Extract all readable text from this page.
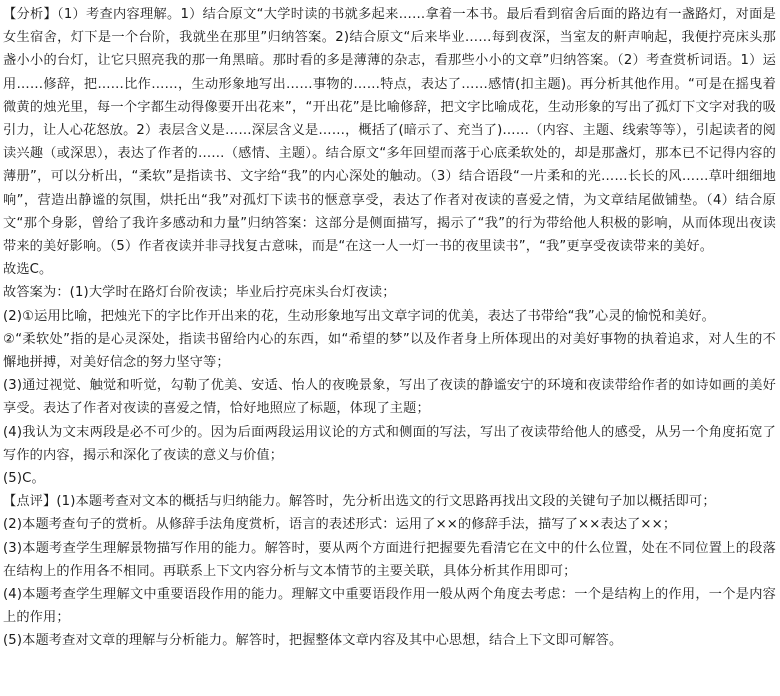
【分析】（1）考查内容理解。1）结合原文“大学时读的书就多起来……拿着一本书。最后看到宿舍后面的路边有一盏路灯，对面是女生宿舍，灯下是一个台阶，我就坐在那里”归纳答案。2)结合原文“后来毕业……每到夜深，当室友的鼾声响起，我便拧亮床头那盏小小的台灯，让它只照亮我的那一角黑暗。那时看的多是薄薄的杂志，看那些小小的文章”归纳答案。（2）考查赏析词语。1）运用……修辞，把……比作……，生动形象地写出……事物的……特点，表达了……感情(扣主题)。再分析其他作用。“可是在摇曳着微黄的烛光里，每一个字都生动得像要开出花来”，“开出花”是比喻修辞，把文字比喻成花，生动形象的写出了孤灯下文字对我的吸引力，让人心花怒放。2）表层含义是……深层含义是……，概括了(暗示了、充当了)……（内容、主题、线索等等），引起读者的阅读兴趣（或深思），表达了作者的……（感情、主题）。结合原文“多年回望而落于心底柔软处的，却是那盏灯，那本已不记得内容的薄册”，可以分析出，“柔软”是指读书、文字给“我”的内心深处的触动。（3）结合语段“一片柔和的光……长长的风……草叶细细地响”，营造出静谧的氛围，烘托出“我”对孤灯下读书的惬意享受，表达了作者对夜读的喜爱之情，为文章结尾做铺垫。（4）结合原文“那个身影，曾给了我许多感动和力量”归纳答案：这部分是侧面描写，揭示了“我”的行为带给他人积极的影响，从而体现出夜读带来的美好影响。（5）作者夜读并非寻找复古意味，而是“在这一人一灯一书的夜里读书”，“我”更享受夜读带来的美好。

故选C。

故答案为：(1)大学时在路灯台阶夜读；毕业后拧亮床头台灯夜读；

(2)①运用比喻，把烛光下的字比作开出来的花，生动形象地写出文章字词的优美，表达了书带给“我”心灵的愉悦和美好。

②“柔软处”指的是心灵深处，指读书留给内心的东西，如“希望的梦”以及作者身上所体现出的对美好事物的执着追求，对人生的不懈地拼搏，对美好信念的努力坚守等；

(3)通过视觉、触觉和听觉，勾勒了优美、安适、怡人的夜晚景象，写出了夜读的静谧安宁的环境和夜读带给作者的如诗如画的美好享受。表达了作者对夜读的喜爱之情，恰好地照应了标题，体现了主题；

(4)我认为文末两段是必不可少的。因为后面两段运用议论的方式和侧面的写法，写出了夜读带给他人的感受，从另一个角度拓宽了写作的内容，揭示和深化了夜读的意义与价值；

(5)C。

【点评】(1)本题考查对文本的概括与归纳能力。解答时，先分析出选文的行文思路再找出文段的关键句子加以概括即可；

(2)本题考查句子的赏析。从修辞手法角度赏析，语言的表述形式：运用了××的修辞手法，描写了××表达了××；

(3)本题考查学生理解景物描写作用的能力。解答时，要从两个方面进行把握要先看清它在文中的什么位置，处在不同位置上的段落在结构上的作用各不相同。再联系上下文内容分析与文本情节的主要关联，具体分析其作用即可；

(4)本题考查学生理解文中重要语段作用的能力。理解文中重要语段作用一般从两个角度去考虑：一个是结构上的作用，一个是内容上的作用；

(5)本题考查对文章的理解与分析能力。解答时，把握整体文章内容及其中心思想，结合上下文即可解答。
